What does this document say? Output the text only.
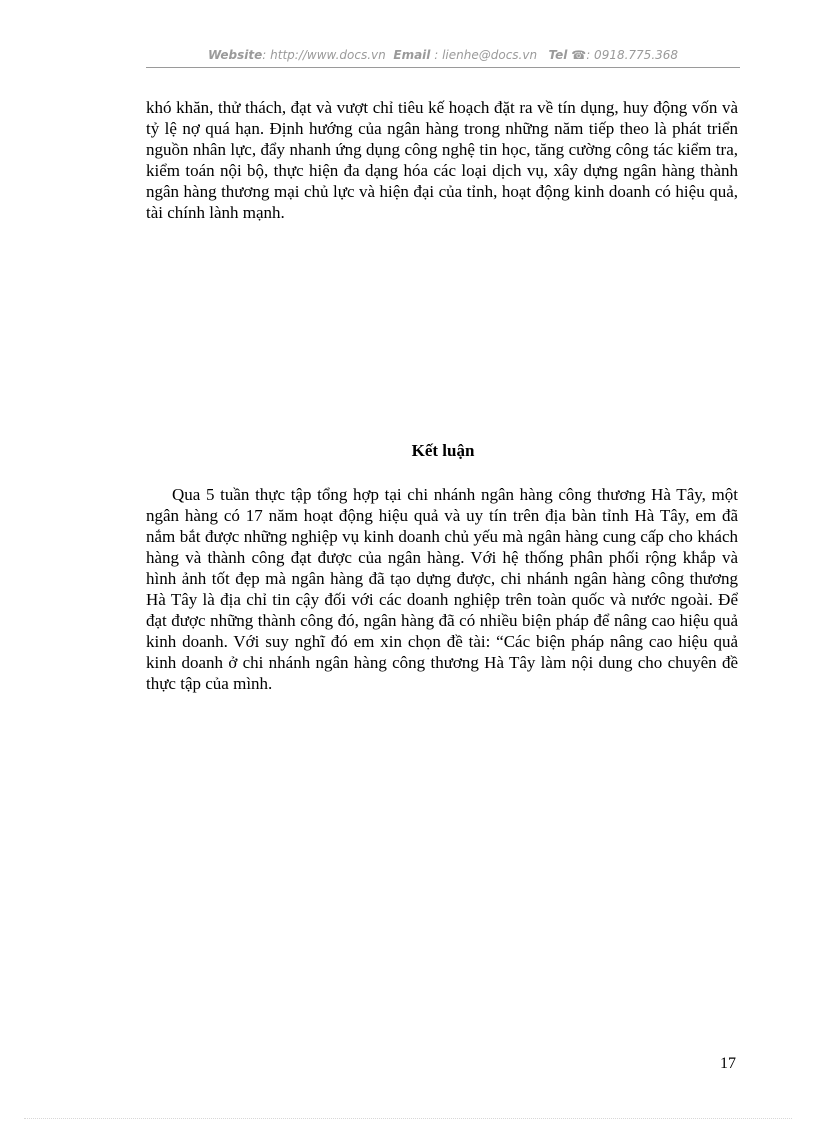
Website: http://www.docs.vn Email : lienhe@docs.vn Tel ☎: 0918.775.368

khó khăn, thử thách, đạt và vượt chỉ tiêu kế hoạch đặt ra về tín dụng, huy động vốn và tỷ lệ nợ quá hạn. Định hướng của ngân hàng trong những năm tiếp theo là phát triển nguồn nhân lực, đẩy nhanh ứng dụng công nghệ tin học, tăng cường công tác kiểm tra, kiểm toán nội bộ, thực hiện đa dạng hóa các loại dịch vụ, xây dựng ngân hàng thành ngân hàng thương mại chủ lực và hiện đại của tỉnh, hoạt động kinh doanh có hiệu quả, tài chính lành mạnh.

Kết luận

Qua 5 tuần thực tập tổng hợp tại chi nhánh ngân hàng công thương Hà Tây, một ngân hàng có 17 năm hoạt động hiệu quả và uy tín trên địa bàn tỉnh Hà Tây, em đã nắm bắt được những nghiệp vụ kinh doanh chủ yếu mà ngân hàng cung cấp cho khách hàng và thành công đạt được của ngân hàng. Với hệ thống phân phối rộng khắp và hình ảnh tốt đẹp mà ngân hàng đã tạo dựng được, chi nhánh ngân hàng công thương Hà Tây là địa chỉ tin cậy đối với các doanh nghiệp trên toàn quốc và nước ngoài. Để đạt được những thành công đó, ngân hàng đã có nhiều biện pháp để nâng cao hiệu quả kinh doanh. Với suy nghĩ đó em xin chọn đề tài: “Các biện pháp nâng cao hiệu quả kinh doanh ở chi nhánh ngân hàng công thương Hà Tây làm nội dung cho chuyên đề thực tập của mình.

17
